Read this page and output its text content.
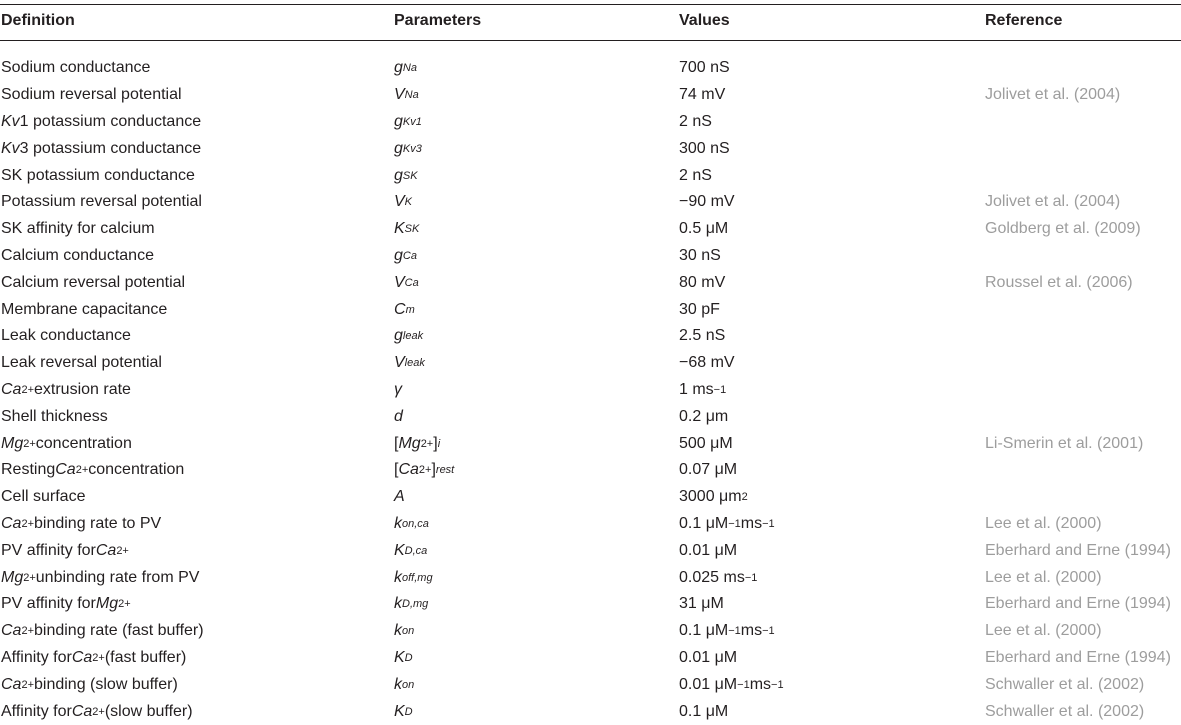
Definition	Parameters	Values	Reference
Sodium conductance	g Na	700 nS
Sodium reversal potential	V Na	74 mV	Jolivet et al. (2004)
Kv 1 potassium conductance	g Kv1	2 nS
Kv 3 potassium conductance	g Kv3	300 nS
SK potassium conductance	g SK	2 nS
Potassium reversal potential	V K	−90 mV	Jolivet et al. (2004)
SK affinity for calcium	K SK	0.5 μM	Goldberg et al. (2009)
Calcium conductance	g Ca	30 nS
Calcium reversal potential	V Ca	80 mV	Roussel et al. (2006)
Membrane capacitance	C m	30 pF
Leak conductance	g leak	2.5 nS
Leak reversal potential	V leak	−68 mV
Ca 2+ extrusion rate	γ	1 ms −1
Shell thickness	d	0.2 μm
Mg 2+ concentration	[ Mg 2+ ] i	500 μM	Li-Smerin et al. (2001)
Resting Ca 2+ concentration	[ Ca 2+ ] rest	0.07 μM
Cell surface	A	3000 μm 2
Ca 2+ binding rate to PV	k on,ca	0.1 μM −1 ms −1	Lee et al. (2000)
PV affinity for Ca 2+	K D,ca	0.01 μM	Eberhard and Erne (1994)
Mg 2+ unbinding rate from PV	k off,mg	0.025 ms −1	Lee et al. (2000)
PV affinity for Mg 2+	k D,mg	31 μM	Eberhard and Erne (1994)
Ca 2+ binding rate (fast buffer)	k on	0.1 μM −1 ms −1	Lee et al. (2000)
Affinity for Ca 2+ (fast buffer)	K D	0.01 μM	Eberhard and Erne (1994)
Ca 2+ binding (slow buffer)	k on	0.01 μM −1 ms −1	Schwaller et al. (2002)
Affinity for Ca 2+ (slow buffer)	K D	0.1 μM	Schwaller et al. (2002)
